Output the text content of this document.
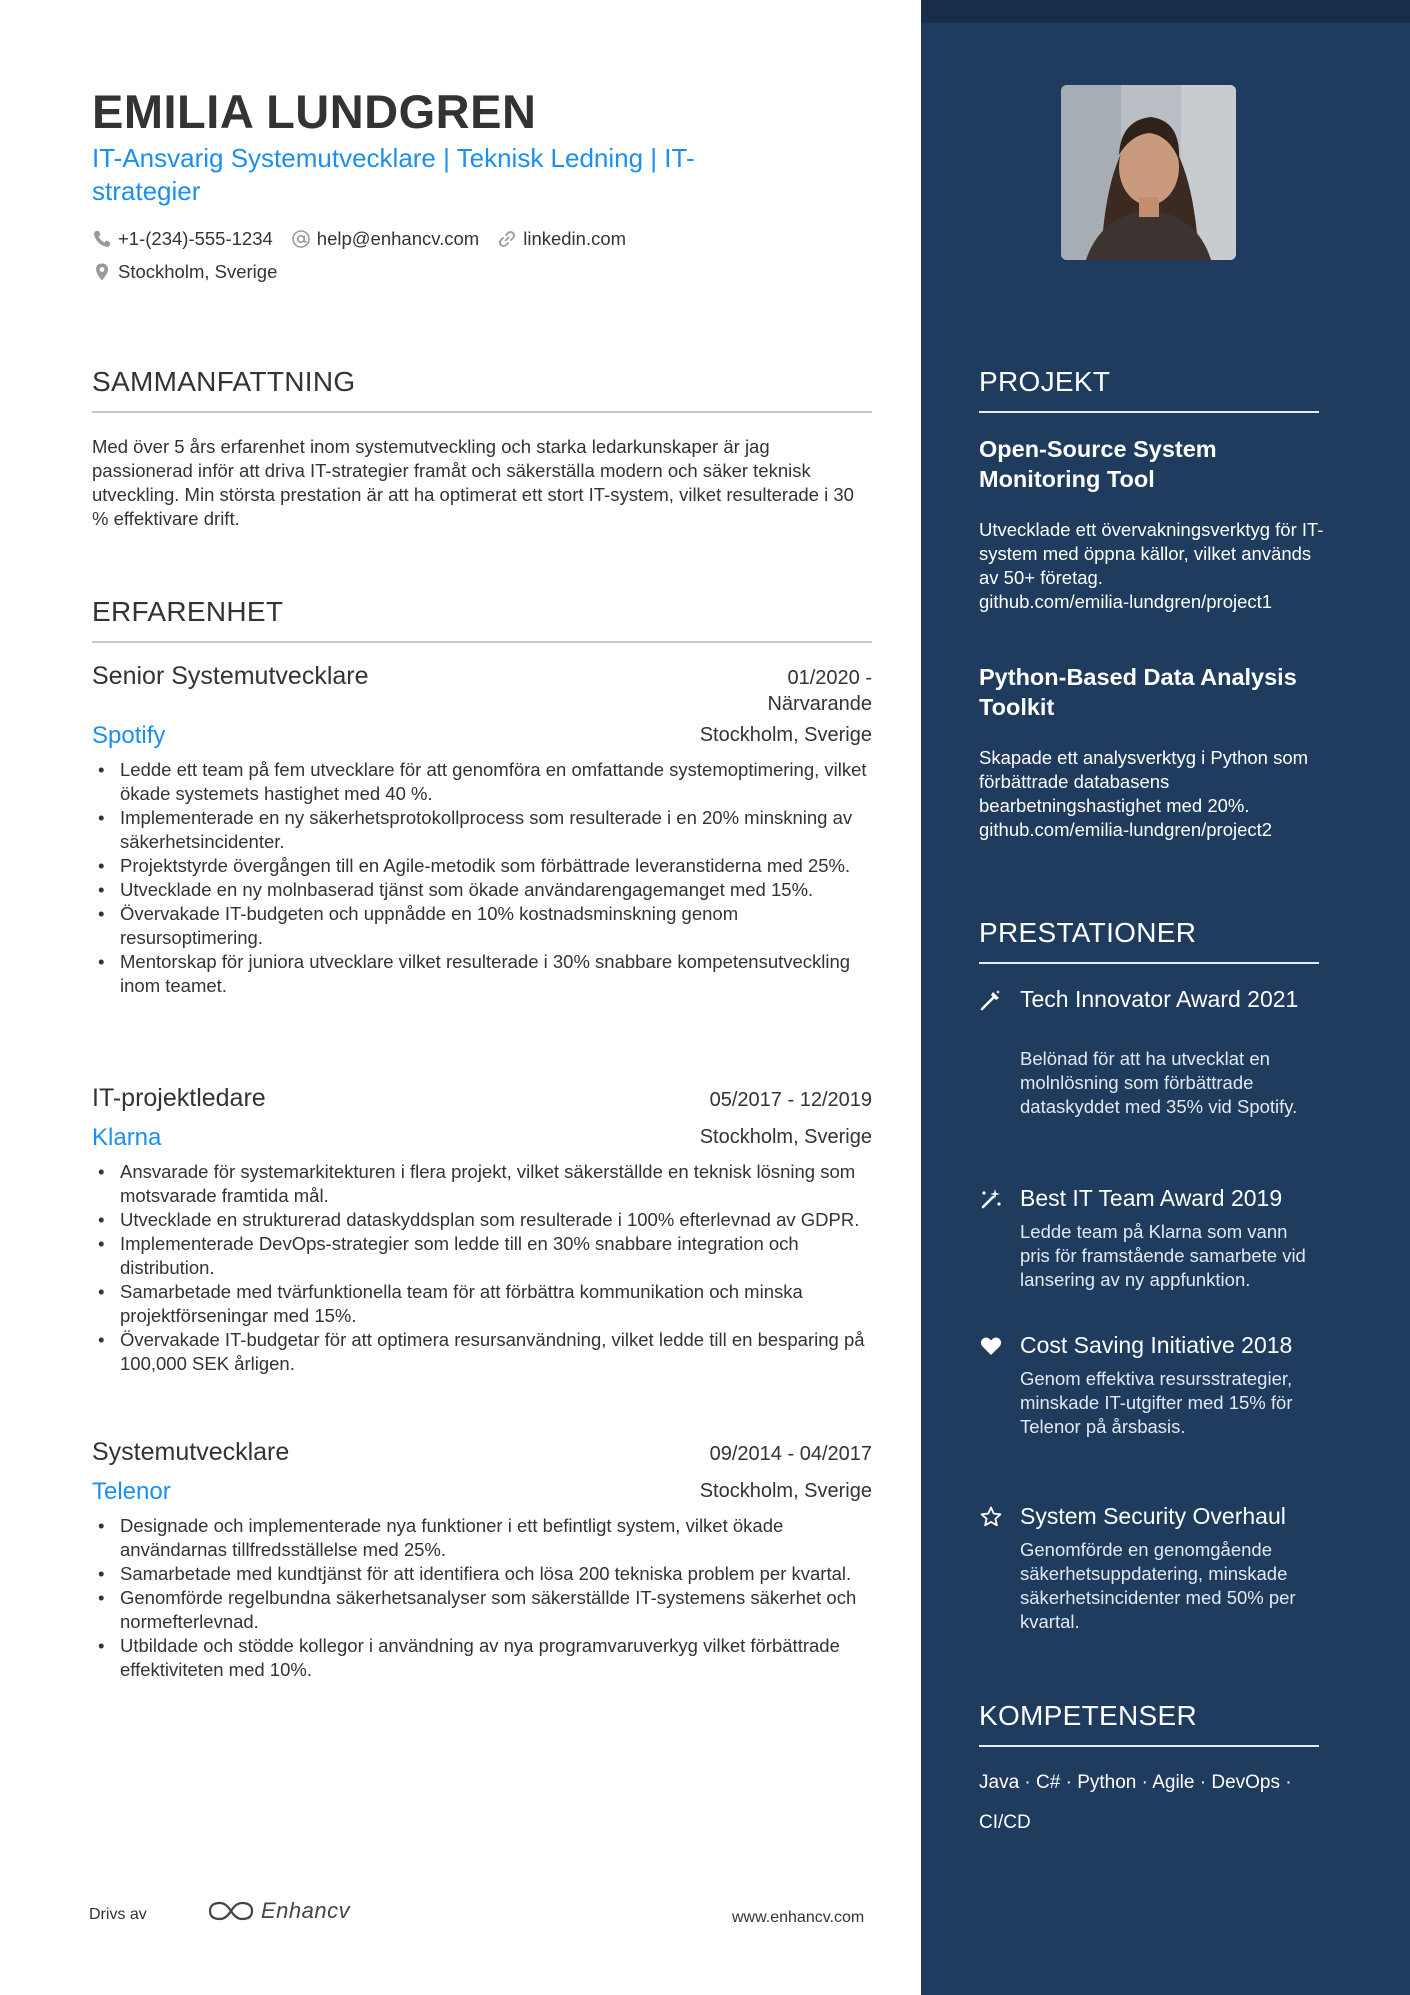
EMILIA LUNDGREN
IT-Ansvarig Systemutvecklare | Teknisk Ledning | IT-strategier
+1-(234)-555-1234 help@enhancv.com linkedin.com
Stockholm, Sverige
SAMMANFATTNING
Med över 5 års erfarenhet inom systemutveckling och starka ledarkunskaper är jag passionerad inför att driva IT-strategier framåt och säkerställa modern och säker teknisk utveckling. Min största prestation är att ha optimerat ett stort IT-system, vilket resulterade i 30 % effektivare drift.
ERFARENHET
Senior Systemutvecklare	01/2020 -
Närvarande
Spotify	Stockholm, Sverige
• Ledde ett team på fem utvecklare för att genomföra en omfattande systemoptimering, vilket ökade systemets hastighet med 40 %.
• Implementerade en ny säkerhetsprotokollprocess som resulterade i en 20% minskning av säkerhetsincidenter.
• Projektstyrde övergången till en Agile-metodik som förbättrade leveranstiderna med 25%.
• Utvecklade en ny molnbaserad tjänst som ökade användarengagemanget med 15%.
• Övervakade IT-budgeten och uppnådde en 10% kostnadsminskning genom resursoptimering.
• Mentorskap för juniora utvecklare vilket resulterade i 30% snabbare kompetensutveckling inom teamet.
IT-projektledare	05/2017 - 12/2019
Klarna	Stockholm, Sverige
• Ansvarade för systemarkitekturen i flera projekt, vilket säkerställde en teknisk lösning som motsvarade framtida mål.
• Utvecklade en strukturerad dataskyddsplan som resulterade i 100% efterlevnad av GDPR.
• Implementerade DevOps-strategier som ledde till en 30% snabbare integration och distribution.
• Samarbetade med tvärfunktionella team för att förbättra kommunikation och minska projektförseningar med 15%.
• Övervakade IT-budgetar för att optimera resursanvändning, vilket ledde till en besparing på 100,000 SEK årligen.
Systemutvecklare	09/2014 - 04/2017
Telenor	Stockholm, Sverige
• Designade och implementerade nya funktioner i ett befintligt system, vilket ökade användarnas tillfredsställelse med 25%.
• Samarbetade med kundtjänst för att identifiera och lösa 200 tekniska problem per kvartal.
• Genomförde regelbundna säkerhetsanalyser som säkerställde IT-systemens säkerhet och normefterlevnad.
• Utbildade och stödde kollegor i användning av nya programvaruverkyg vilket förbättrade effektiviteten med 10%.
PROJEKT
Open-Source System Monitoring Tool
Utvecklade ett övervakningsverktyg för IT-system med öppna källor, vilket används av 50+ företag.
github.com/emilia-lundgren/project1
Python-Based Data Analysis Toolkit
Skapade ett analysverktyg i Python som förbättrade databasens bearbetningshastighet med 20%.
github.com/emilia-lundgren/project2
PRESTATIONER
Tech Innovator Award 2021
Belönad för att ha utvecklat en molnlösning som förbättrade dataskyddet med 35% vid Spotify.
Best IT Team Award 2019
Ledde team på Klarna som vann pris för framstående samarbete vid lansering av ny appfunktion.
Cost Saving Initiative 2018
Genom effektiva resursstrategier, minskade IT-utgifter med 15% för Telenor på årsbasis.
System Security Overhaul
Genomförde en genomgående säkerhetsuppdatering, minskade säkerhetsincidenter med 50% per kvartal.
KOMPETENSER
Java · C# · Python · Agile · DevOps ·
CI/CD
Drivs av	Enhancv	www.enhancv.com
